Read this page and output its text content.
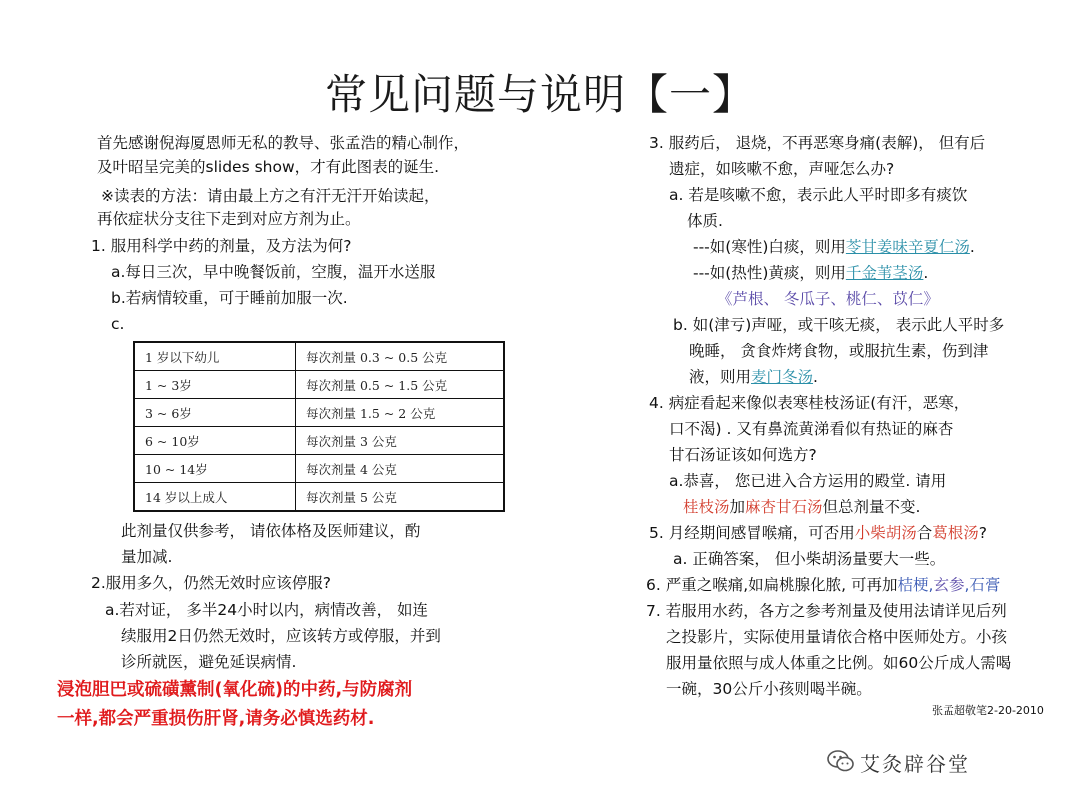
常见问题与说明【一】
首先感谢倪海厦恩师无私的教导、张孟浩的精心制作，
及叶昭呈完美的slides show，才有此图表的诞生.
※读表的方法：请由最上方之有汗无汗开始读起，
再依症状分支往下走到对应方剂为止。
1. 服用科学中药的剂量，及方法为何?
a.每日三次，早中晚餐饭前，空腹，温开水送服
b.若病情较重，可于睡前加服一次.
c.
1 岁以下幼儿	每次剂量 0.3 ~ 0.5 公克
1 ~ 3岁	每次剂量 0.5 ~ 1.5 公克
3 ~ 6岁	每次剂量 1.5 ~ 2 公克
6 ~ 10岁	每次剂量 3 公克
10 ~ 14岁	每次剂量 4 公克
14 岁以上成人	每次剂量 5 公克
此剂量仅供参考， 请依体格及医师建议，酌
量加减.
2.服用多久，仍然无效时应该停服?
a.若对证， 多半24小时以内，病情改善， 如连
续服用2日仍然无效时，应该转方或停服，并到
诊所就医，避免延误病情.
浸泡胆巴或硫磺薰制(氧化硫)的中药,与防腐剂
一样,都会严重损伤肝肾,请务必慎选药材.
3. 服药后， 退烧，不再恶寒身痛(表解)， 但有后
遗症，如咳嗽不愈，声哑怎么办?
a. 若是咳嗽不愈，表示此人平时即多有痰饮
体质.
---如(寒性)白痰，则用苓甘姜味辛夏仁汤.
---如(热性)黄痰，则用千金苇茎汤.
《芦根、 冬瓜子、桃仁、苡仁》
b. 如(津亏)声哑，或干咳无痰， 表示此人平时多
晚睡， 贪食炸烤食物，或服抗生素，伤到津
液，则用麦门冬汤.
4. 病症看起来像似表寒桂枝汤证(有汗，恶寒，
口不渴) . 又有鼻流黄涕看似有热证的麻杏
甘石汤证该如何选方?
a.恭喜， 您已进入合方运用的殿堂. 请用
桂枝汤加麻杏甘石汤但总剂量不变.
5. 月经期间感冒喉痛，可否用小柴胡汤合葛根汤?
a. 正确答案， 但小柴胡汤量要大一些。
6. 严重之喉痛,如扁桃腺化脓, 可再加桔梗,玄参,石膏
7. 若服用水药，各方之参考剂量及使用法请详见后列
之投影片，实际使用量请依合格中医师处方。小孩
服用量依照与成人体重之比例。如60公斤成人需喝
一碗，30公斤小孩则喝半碗。
张孟超敬笔2-20-2010
艾灸辟谷堂
